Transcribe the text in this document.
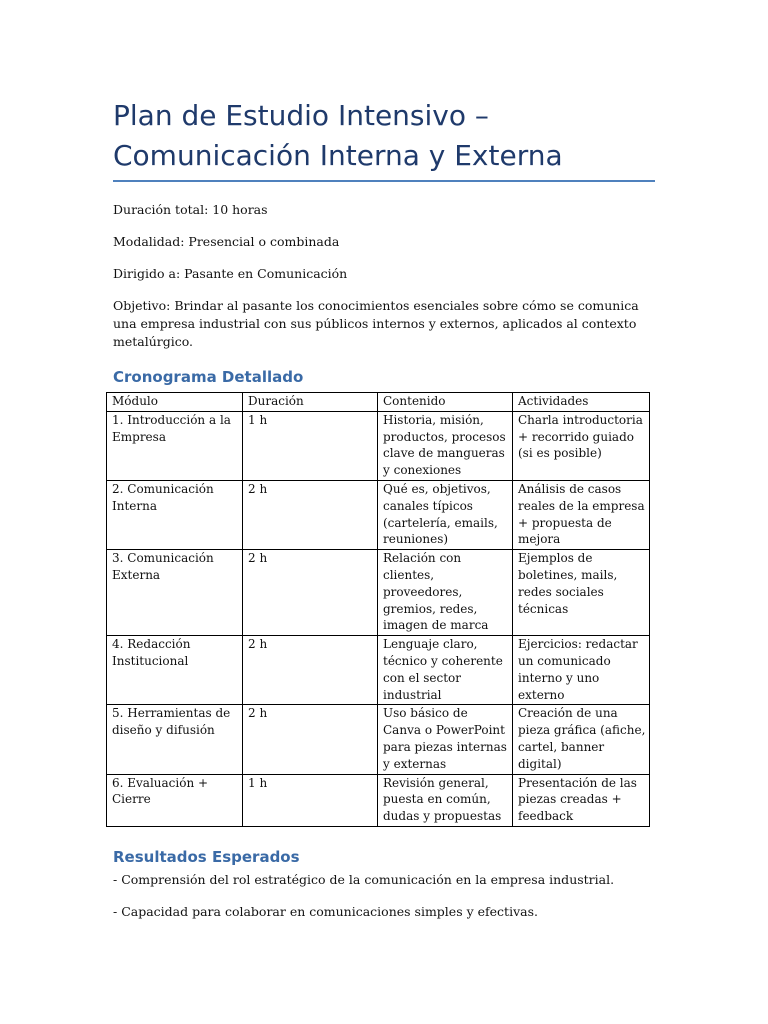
Plan de Estudio Intensivo – Comunicación Interna y Externa

Duración total: 10 horas

Modalidad: Presencial o combinada

Dirigido a: Pasante en Comunicación

Objetivo: Brindar al pasante los conocimientos esenciales sobre cómo se comunica una empresa industrial con sus públicos internos y externos, aplicados al contexto metalúrgico.

Cronograma Detallado
Módulo	Duración	Contenido	Actividades
1. Introducción a la Empresa	1 h	Historia, misión, productos, procesos clave de mangueras y conexiones	Charla introductoria + recorrido guiado (si es posible)
2. Comunicación Interna	2 h	Qué es, objetivos, canales típicos (cartelería, emails, reuniones)	Análisis de casos reales de la empresa + propuesta de mejora
3. Comunicación Externa	2 h	Relación con clientes, proveedores, gremios, redes, imagen de marca	Ejemplos de boletines, mails, redes sociales técnicas
4. Redacción Institucional	2 h	Lenguaje claro, técnico y coherente con el sector industrial	Ejercicios: redactar un comunicado interno y uno externo
5. Herramientas de diseño y difusión	2 h	Uso básico de Canva o PowerPoint para piezas internas y externas	Creación de una pieza gráfica (afiche, cartel, banner digital)
6. Evaluación + Cierre	1 h	Revisión general, puesta en común, dudas y propuestas	Presentación de las piezas creadas + feedback
Resultados Esperados

- Comprensión del rol estratégico de la comunicación en la empresa industrial.

- Capacidad para colaborar en comunicaciones simples y efectivas.
